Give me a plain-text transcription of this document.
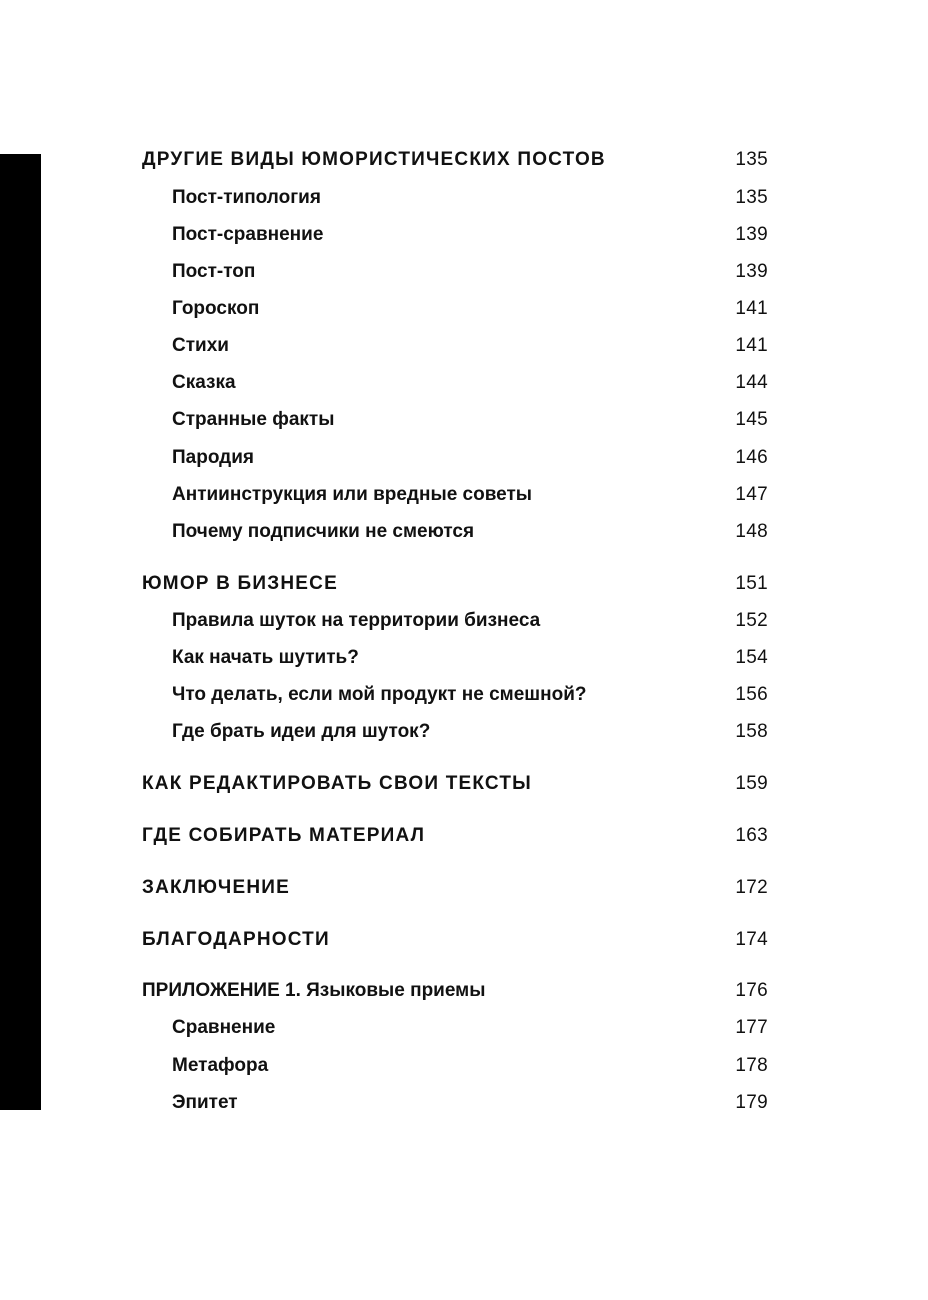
ДРУГИЕ ВИДЫ ЮМОРИСТИЧЕСКИХ ПОСТОВ	135
Пост-типология	135
Пост-сравнение	139
Пост-топ	139
Гороскоп	141
Стихи	141
Сказка	144
Странные факты	145
Пародия	146
Антиинструкция или вредные советы	147
Почему подписчики не смеются	148
ЮМОР В БИЗНЕСЕ	151
Правила шуток на территории бизнеса	152
Как начать шутить?	154
Что делать, если мой продукт не смешной?	156
Где брать идеи для шуток?	158
КАК РЕДАКТИРОВАТЬ СВОИ ТЕКСТЫ	159
ГДЕ СОБИРАТЬ МАТЕРИАЛ	163
ЗАКЛЮЧЕНИЕ	172
БЛАГОДАРНОСТИ	174
ПРИЛОЖЕНИЕ 1. Языковые приемы	176
Сравнение	177
Метафора	178
Эпитет	179
